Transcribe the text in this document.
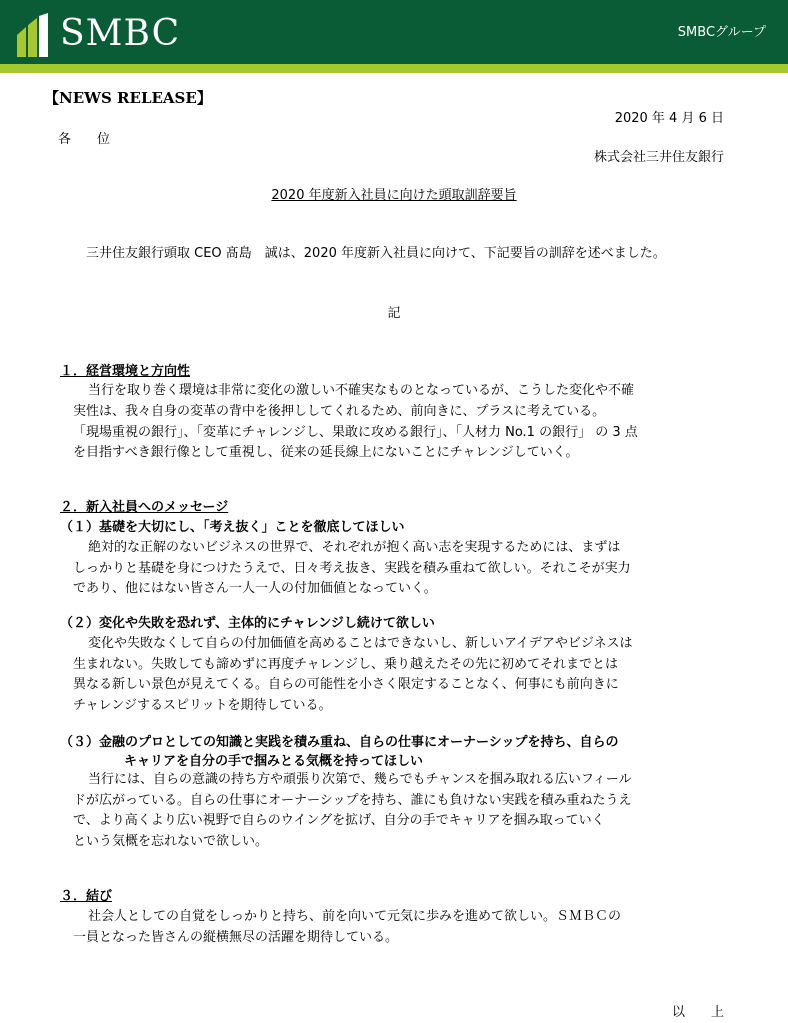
SMBC	SMBCグループ
【NEWS RELEASE】
2020 年 4 月 6 日
各　　位
株式会社三井住友銀行
2020 年度新入社員に向けた頭取訓辞要旨
三井住友銀行頭取 CEO 髙島　誠は、2020 年度新入社員に向けて、下記要旨の訓辞を述べました。
記
１．経営環境と方向性
当行を取り巻く環境は非常に変化の激しい不確実なものとなっているが、こうした変化や不確
実性は、我々自身の変革の背中を後押ししてくれるため、前向きに、プラスに考えている。
「現場重視の銀行」、「変革にチャレンジし、果敢に攻める銀行」、「人材力 No.1 の銀行」 の 3 点
を目指すべき銀行像として重視し、従来の延長線上にないことにチャレンジしていく。
２．新入社員へのメッセージ
（１）基礎を大切にし、「考え抜く」ことを徹底してほしい
絶対的な正解のないビジネスの世界で、それぞれが抱く高い志を実現するためには、まずは
しっかりと基礎を身につけたうえで、日々考え抜き、実践を積み重ねて欲しい。それこそが実力
であり、他にはない皆さん一人一人の付加価値となっていく。
（２）変化や失敗を恐れず、主体的にチャレンジし続けて欲しい
変化や失敗なくして自らの付加価値を高めることはできないし、新しいアイデアやビジネスは
生まれない。失敗しても諦めずに再度チャレンジし、乗り越えたその先に初めてそれまでとは
異なる新しい景色が見えてくる。自らの可能性を小さく限定することなく、何事にも前向きに
チャレンジするスピリットを期待している。
（３）金融のプロとしての知識と実践を積み重ね、自らの仕事にオーナーシップを持ち、自らの
キャリアを自分の手で掴みとる気概を持ってほしい
当行には、自らの意識の持ち方や頑張り次第で、幾らでもチャンスを掴み取れる広いフィール
ドが広がっている。自らの仕事にオーナーシップを持ち、誰にも負けない実践を積み重ねたうえ
で、より高くより広い視野で自らのウイングを拡げ、自分の手でキャリアを掴み取っていく
という気概を忘れないで欲しい。
３．結び
社会人としての自覚をしっかりと持ち、前を向いて元気に歩みを進めて欲しい。ＳＭＢＣの
一員となった皆さんの縦横無尽の活躍を期待している。
以　　上
